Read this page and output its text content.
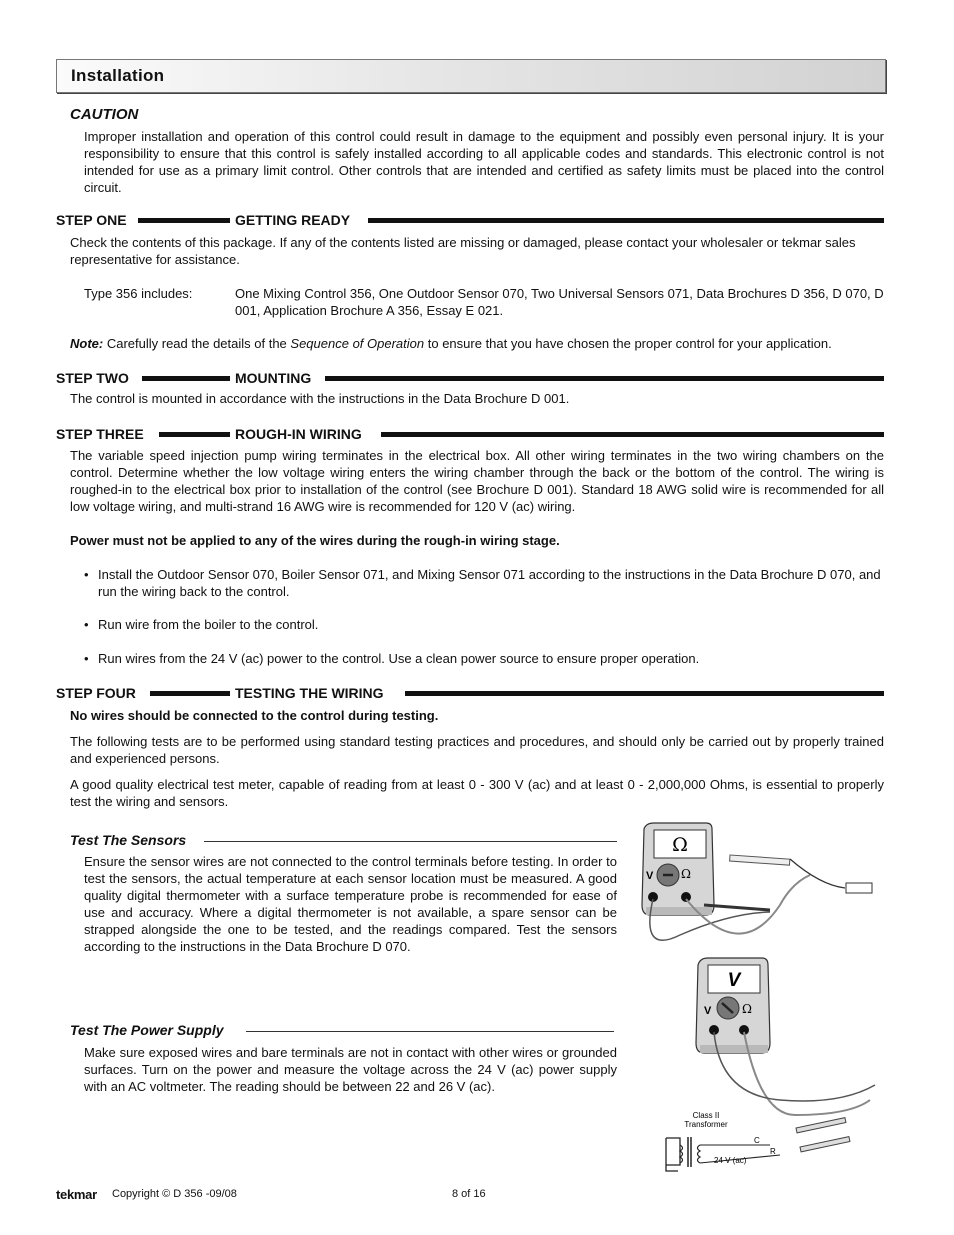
Installation
CAUTION
Improper installation and operation of this control could result in damage to the equipment and possibly even personal injury. It is your responsibility to ensure that this control is safely installed according to all applicable codes and standards. This electronic control is not intended for use as a primary limit control. Other controls that are intended and certified as safety limits must be placed into the control circuit.
STEP ONE	GETTING READY
Check the contents of this package. If any of the contents listed are missing or damaged, please contact your wholesaler or tekmar sales representative for assistance.
Type 356 includes:	One Mixing Control 356, One Outdoor Sensor 070, Two Universal Sensors 071, Data Brochures D 356, D 070, D 001, Application Brochure A 356, Essay E 021.
Note: Carefully read the details of the Sequence of Operation to ensure that you have chosen the proper control for your application.
STEP TWO	MOUNTING
The control is mounted in accordance with the instructions in the Data Brochure D 001.
STEP THREE	ROUGH-IN WIRING
The variable speed injection pump wiring terminates in the electrical box. All other wiring terminates in the two wiring chambers on the control. Determine whether the low voltage wiring enters the wiring chamber through the back or the bottom of the control. The wiring is roughed-in to the electrical box prior to installation of the control (see Brochure D 001). Standard 18 AWG solid wire is recommended for all low voltage wiring, and multi-strand 16 AWG wire is recommended for 120 V (ac) wiring.
Power must not be applied to any of the wires during the rough-in wiring stage.
• Install the Outdoor Sensor 070, Boiler Sensor 071, and Mixing Sensor 071 according to the instructions in the Data Brochure D 070, and run the wiring back to the control.
• Run wire from the boiler to the control.
• Run wires from the 24 V (ac) power to the control. Use a clean power source to ensure proper operation.
STEP FOUR	TESTING THE WIRING
No wires should be connected to the control during testing.
The following tests are to be performed using standard testing practices and procedures, and should only be carried out by properly trained and experienced persons.
A good quality electrical test meter, capable of reading from at least 0 - 300 V (ac) and at least 0 - 2,000,000 Ohms, is essential to properly test the wiring and sensors.
Test The Sensors
Ensure the sensor wires are not connected to the control terminals before testing. In order to test the sensors, the actual temperature at each sensor location must be measured. A good quality digital thermometer with a surface temperature probe is recommended for ease of use and accuracy. Where a digital thermometer is not available, a spare sensor can be strapped alongside the one to be tested, and the readings compared. Test the sensors according to the instructions in the Data Brochure D 070.
Test The Power Supply
Make sure exposed wires and bare terminals are not in contact with other wires or grounded surfaces. Turn on the power and measure the voltage across the 24 V (ac) power supply with an AC voltmeter. The reading should be between 22 and 26 V (ac).
Ω
V Ω
V
V	Ω
Class II
Transformer
C
R
24 V (ac)
tekmar Copyright © D 356 -09/08	8 of 16
